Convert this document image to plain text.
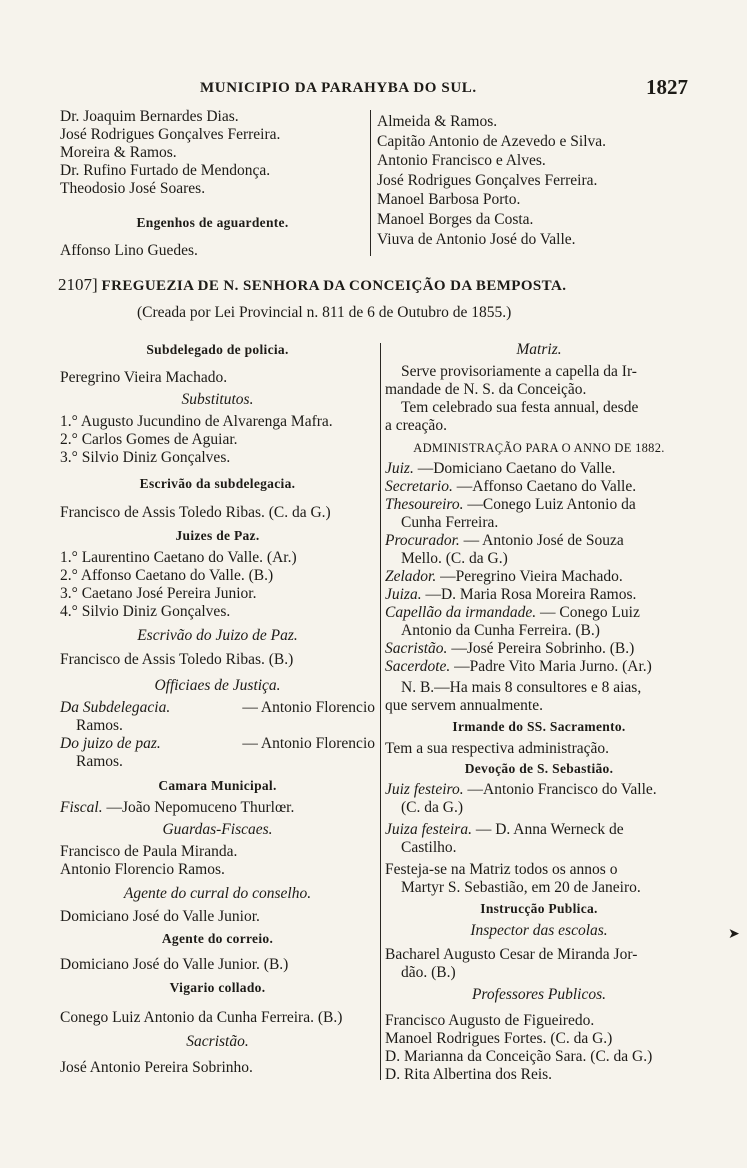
MUNICIPIO DA PARAHYBA DO SUL.	1827
Dr. Joaquim Bernardes Dias.
José Rodrigues Gonçalves Ferreira.
Moreira & Ramos.
Dr. Rufino Furtado de Mendonça.
Theodosio José Soares.
Engenhos de aguardente.
Affonso Lino Guedes.
Almeida & Ramos.
Capitão Antonio de Azevedo e Silva.
Antonio Francisco e Alves.
José Rodrigues Gonçalves Ferreira.
Manoel Barbosa Porto.
Manoel Borges da Costa.
Viuva de Antonio José do Valle.
2107] FREGUEZIA DE N. SENHORA DA CONCEIÇÃO DA BEMPOSTA.
(Creada por Lei Provincial n. 811 de 6 de Outubro de 1855.)
Subdelegado de policia.
Peregrino Vieira Machado.
Substitutos.
1.° Augusto Jucundino de Alvarenga Mafra.
2.° Carlos Gomes de Aguiar.
3.° Silvio Diniz Gonçalves.
Escrivão da subdelegacia.
Francisco de Assis Toledo Ribas. (C. da G.)
Juizes de Paz.
1.° Laurentino Caetano do Valle. (Ar.)
2.° Affonso Caetano do Valle. (B.)
3.° Caetano José Pereira Junior.
4.° Silvio Diniz Gonçalves.
Escrivão do Juizo de Paz.
Francisco de Assis Toledo Ribas. (B.)
Officiaes de Justiça.
Da Subdelegacia.	— Antonio Florencio
Ramos.
Do juizo de paz.	— Antonio Florencio
Ramos.
Camara Municipal.
Fiscal. —João Nepomuceno Thurlœr.
Guardas-Fiscaes.
Francisco de Paula Miranda.
Antonio Florencio Ramos.
Agente do curral do conselho.
Domiciano José do Valle Junior.
Agente do correio.
Domiciano José do Valle Junior. (B.)
Vigario collado.
Conego Luiz Antonio da Cunha Ferreira. (B.)
Sacristão.
José Antonio Pereira Sobrinho.
Matriz.
Serve provisoriamente a capella da Ir-
mandade de N. S. da Conceição.
Tem celebrado sua festa annual, desde
a creação.
ADMINISTRAÇÃO PARA O ANNO DE 1882.
Juiz. —Domiciano Caetano do Valle.
Secretario. —Affonso Caetano do Valle.
Thesoureiro. —Conego Luiz Antonio da
Cunha Ferreira.
Procurador. — Antonio José de Souza
Mello. (C. da G.)
Zelador. —Peregrino Vieira Machado.
Juiza. —D. Maria Rosa Moreira Ramos.
Capellão da irmandade. — Conego Luiz
Antonio da Cunha Ferreira. (B.)
Sacristão. —José Pereira Sobrinho. (B.)
Sacerdote. —Padre Vito Maria Jurno. (Ar.)
N. B.—Ha mais 8 consultores e 8 aias,
que servem annualmente.
Irmande do SS. Sacramento.
Tem a sua respectiva administração.
Devoção de S. Sebastião.
Juiz festeiro. —Antonio Francisco do Valle.
(C. da G.)
Juiza festeira. — D. Anna Werneck de
Castilho.
Festeja-se na Matriz todos os annos o
Martyr S. Sebastião, em 20 de Janeiro.
Instrucção Publica.
Inspector das escolas.
Bacharel Augusto Cesar de Miranda Jor-
dão. (B.)
Professores Publicos.
Francisco Augusto de Figueiredo.
Manoel Rodrigues Fortes. (C. da G.)
D. Marianna da Conceição Sara. (C. da G.)
D. Rita Albertina dos Reis.
➤
